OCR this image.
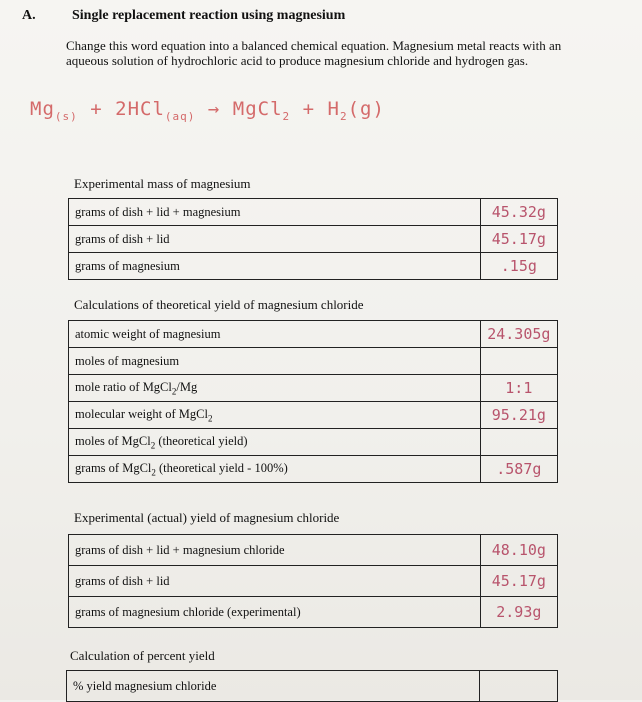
A.	Single replacement reaction using magnesium
Change this word equation into a balanced chemical equation. Magnesium metal reacts with an aqueous solution of hydrochloric acid to produce magnesium chloride and hydrogen gas.
$Mg_{(s)} + 2HCl_{(aq)}$ → MgCl$_2$ + $H_2(g)$
Experimental mass of magnesium
grams of dish + lid + magnesium	45.32g
grams of dish + lid	45.17g
grams of magnesium	.15g
Calculations of theoretical yield of magnesium chloride
atomic weight of magnesium	24.305g
moles of magnesium	
mole ratio of MgCl$_2$/Mg	1:1
molecular weight of MgCl$_2$	95.21g
moles of MgCl$_2$ (theoretical yield)	
grams of MgCl$_2$ (theoretical yield - 100%)	.587g
Experimental (actual) yield of magnesium chloride
grams of dish + lid + magnesium chloride	48.10g
grams of dish + lid	45.17g
grams of magnesium chloride (experimental)	2.93g
Calculation of percent yield
% yield magnesium chloride	
